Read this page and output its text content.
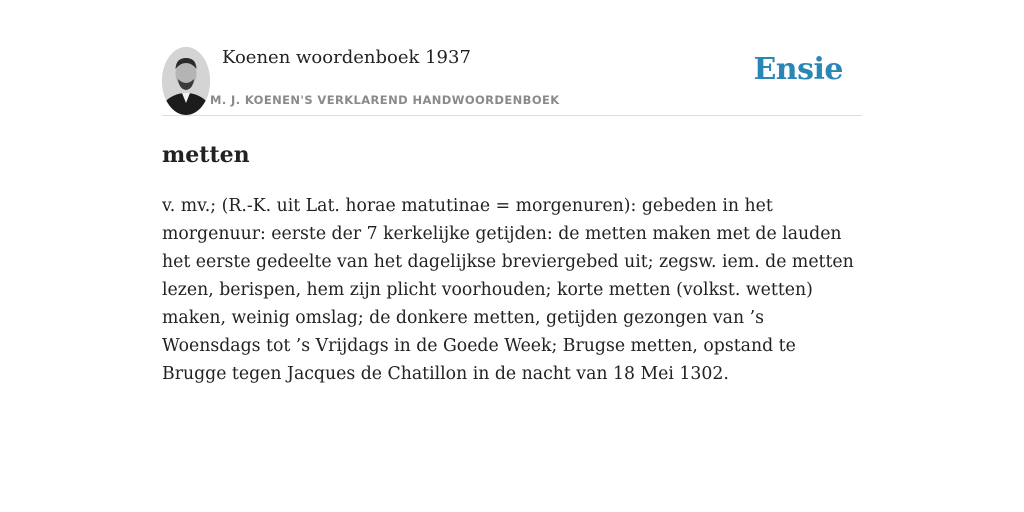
Koenen woordenboek 1937
M. J. KOENEN'S VERKLAREND HANDWOORDENBOEK
Ensie
metten

v. mv.; (R.-K. uit Lat. horae matutinae = morgenuren): gebeden in het morgenuur: eerste der 7 kerkelijke getijden: de metten maken met de lauden het eerste gedeelte van het dagelijkse breviergebed uit; zegsw. iem. de metten lezen, berispen, hem zijn plicht voorhouden; korte metten (volkst. wetten) maken, weinig omslag; de donkere metten, getijden gezongen van ’s Woensdags tot ’s Vrijdags in de Goede Week; Brugse metten, opstand te Brugge tegen Jacques de Chatillon in de nacht van 18 Mei 1302.
